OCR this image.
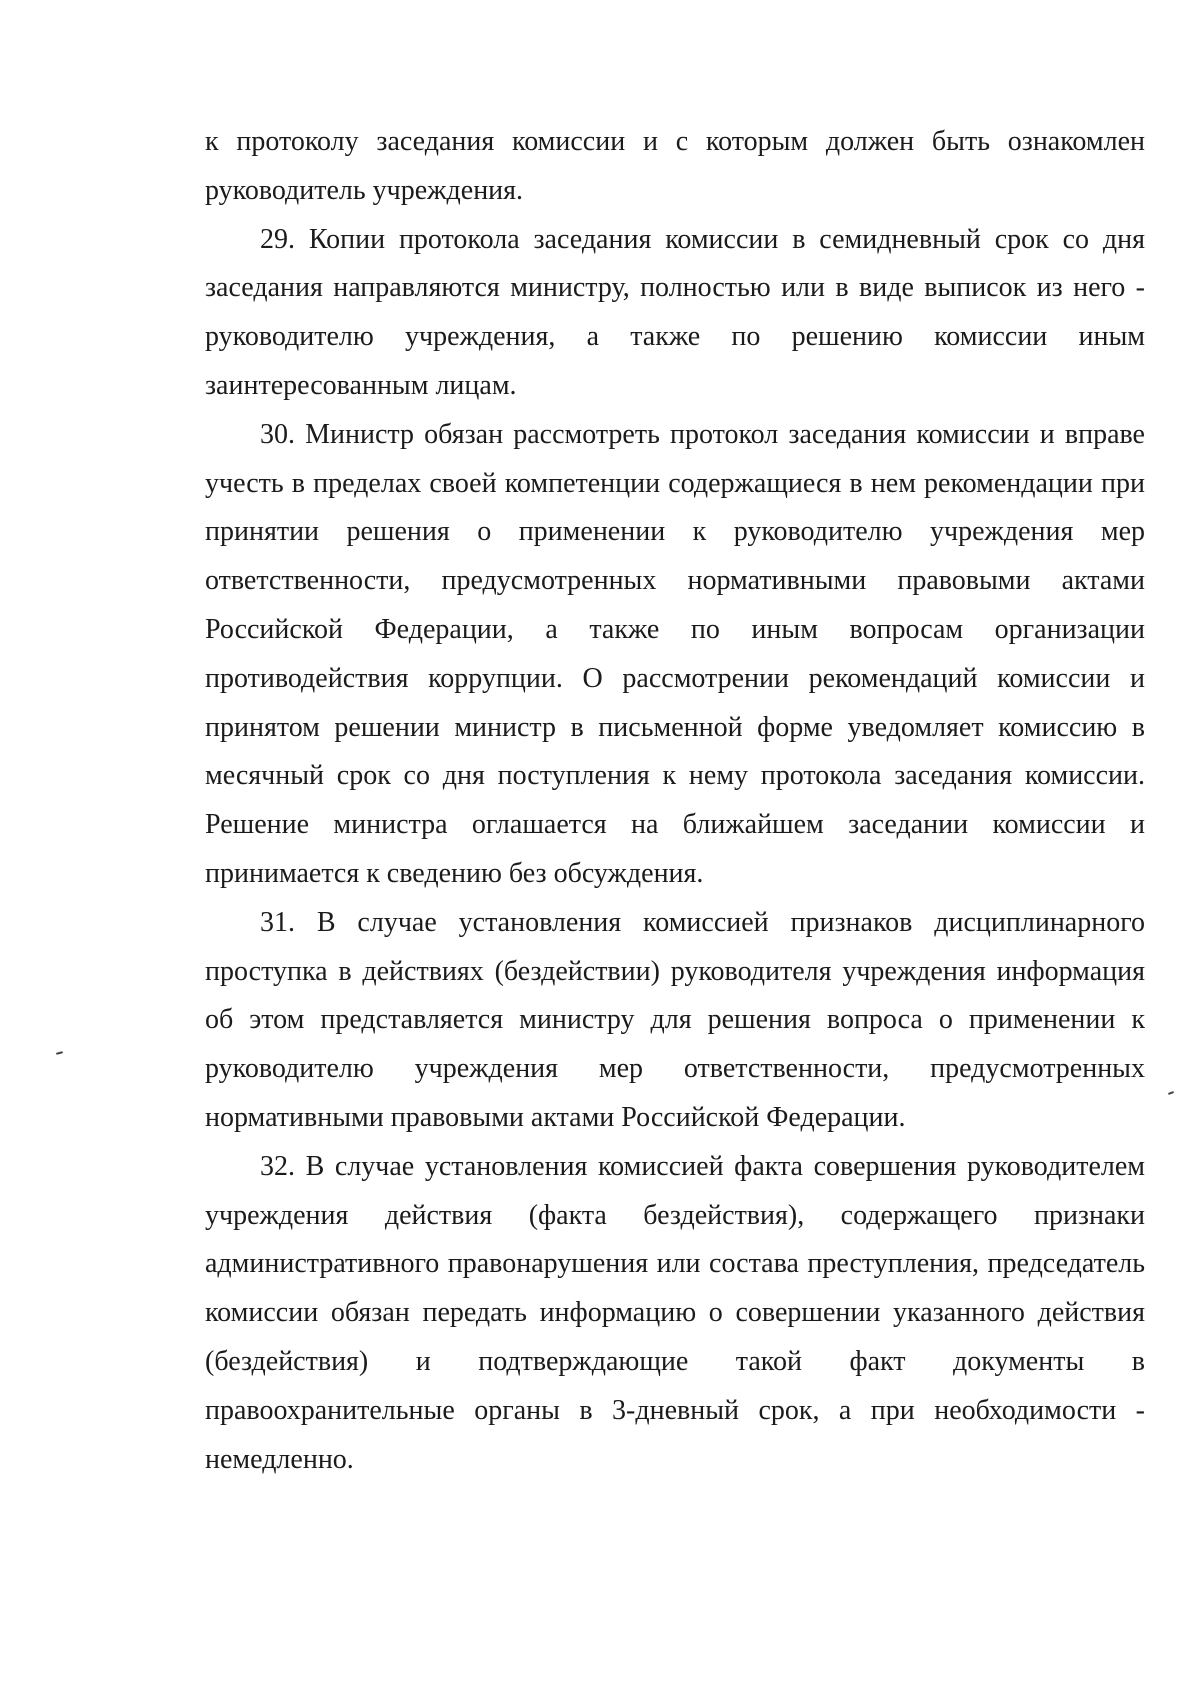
к протоколу заседания комиссии и с которым должен быть ознакомлен руководитель учреждения.

29. Копии протокола заседания комиссии в семидневный срок со дня заседания направляются министру, полностью или в виде выписок из него - руководителю учреждения, а также по решению комиссии иным заинтересованным лицам.

30. Министр обязан рассмотреть протокол заседания комиссии и вправе учесть в пределах своей компетенции содержащиеся в нем рекомендации при принятии решения о применении к руководителю учреждения мер ответственности, предусмотренных нормативными правовыми актами Российской Федерации, а также по иным вопросам организации противодействия коррупции. О рассмотрении рекомендаций комиссии и принятом решении министр в письменной форме уведомляет комиссию в месячный срок со дня поступления к нему протокола заседания комиссии. Решение министра оглашается на ближайшем заседании комиссии и принимается к сведению без обсуждения.

31. В случае установления комиссией признаков дисциплинарного проступка в действиях (бездействии) руководителя учреждения информация об этом представляется министру для решения вопроса о применении к руководителю учреждения мер ответственности, предусмотренных нормативными правовыми актами Российской Федерации.

32. В случае установления комиссией факта совершения руководителем учреждения действия (факта бездействия), содержащего признаки административного правонарушения или состава преступления, председатель комиссии обязан передать информацию о совершении указанного действия (бездействия) и подтверждающие такой факт документы в правоохранительные органы в 3-дневный срок, а при необходимости - немедленно.
